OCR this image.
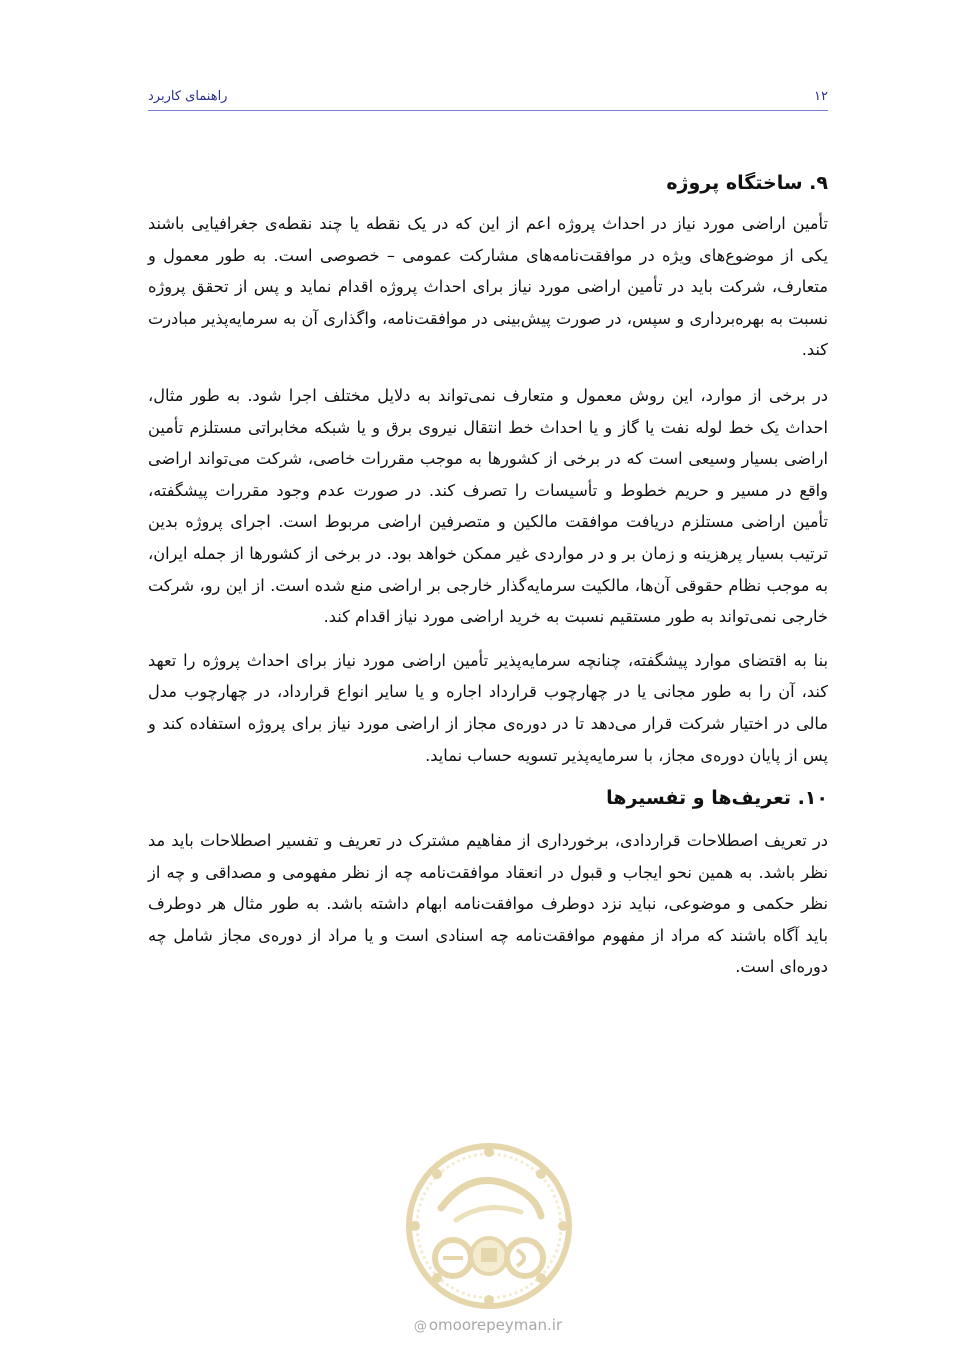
۱۲
راهنمای کاربرد
۹. ساختگاه پروژه

تأمین اراضی مورد نیاز در احداث پروژه اعم از این که در یک نقطه یا چند نقطه‌ی جغرافیایی باشند یکی از موضوع‌های ویژه در موافقت‌نامه‌های مشارکت عمومی – خصوصی است. به طور معمول و متعارف، شرکت باید در تأمین اراضی مورد نیاز برای احداث پروژه اقدام نماید و پس از تحقق پروژه نسبت به بهره‌برداری و سپس، در صورت پیش‌بینی در موافقت‌نامه، واگذاری آن به سرمایه‌پذیر مبادرت کند.

در برخی از موارد، این روش معمول و متعارف نمی‌تواند به دلایل مختلف اجرا شود. به طور مثال، احداث یک خط لوله نفت یا گاز و یا احداث خط انتقال نیروی برق و یا شبکه مخابراتی مستلزم تأمین اراضی بسیار وسیعی است که در برخی از کشورها به موجب مقررات خاصی، شرکت می‌تواند اراضی واقع در مسیر و حریم خطوط و تأسیسات را تصرف کند. در صورت عدم وجود مقررات پیشگفته، تأمین اراضی مستلزم دریافت موافقت مالکین و متصرفین اراضی مربوط است. اجرای پروژه بدین ترتیب بسیار پرهزینه و زمان بر و در مواردی غیر ممکن خواهد بود. در برخی از کشورها از جمله ایران، به موجب نظام حقوقی آن‌ها، مالکیت سرمایه‌گذار خارجی بر اراضی منع شده است. از این رو، شرکت خارجی نمی‌تواند به طور مستقیم نسبت به خرید اراضی مورد نیاز اقدام کند.

بنا به اقتضای موارد پیشگفته، چنانچه سرمایه‌پذیر تأمین اراضی مورد نیاز برای احداث پروژه را تعهد کند، آن را به طور مجانی یا در چهارچوب قرارداد اجاره و یا سایر انواع قرارداد، در چهارچوب مدل مالی در اختیار شرکت قرار می‌دهد تا در دوره‌ی مجاز از اراضی مورد نیاز برای پروژه استفاده کند و پس از پایان دوره‌ی مجاز، با سرمایه‌پذیر تسویه حساب نماید.

۱۰. تعریف‌ها و تفسیرها

در تعریف اصطلاحات قراردادی، برخورداری از مفاهیم مشترک در تعریف و تفسیر اصطلاحات باید مد نظر باشد. به همین نحو ایجاب و قبول در انعقاد موافقت‌نامه چه از نظر مفهومی و مصداقی و چه از نظر حکمی و موضوعی، نباید نزد دوطرف موافقت‌نامه ابهام داشته باشد. به طور مثال هر دوطرف باید آگاه باشند که مراد از مفهوم موافقت‌نامه چه اسنادی است و یا مراد از دوره‌ی مجاز شامل چه دوره‌ای است.

@ omoorepeyman.ir
